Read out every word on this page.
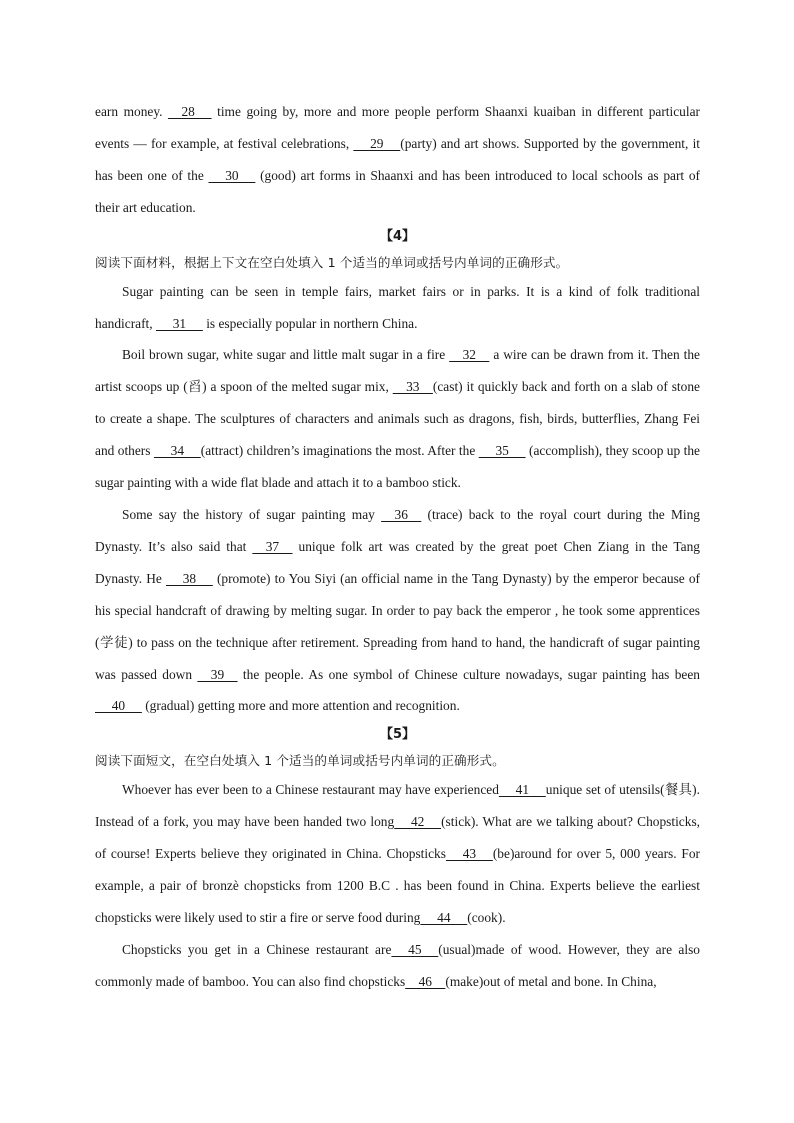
earn money.     28      time going by, more and more people perform Shaanxi kuaiban in different particular events — for example, at festival celebrations,      29     (party) and art shows. Supported by the government, it has been one of the      30      (good) art forms in Shaanxi and has been introduced to local schools as part of their art education.

【4】

阅读下面材料，根据上下文在空白处填入 1 个适当的单词或括号内单词的正确形式。

Sugar painting can be seen in temple fairs, market fairs or in parks. It is a kind of folk traditional handicraft,      31      is especially popular in northern China.

Boil brown sugar, white sugar and little malt sugar in a fire     32     a wire can be drawn from it. Then the artist scoops up (舀) a spoon of the melted sugar mix,     33    (cast) it quickly back and forth on a slab of stone to create a shape. The sculptures of characters and animals such as dragons, fish, birds, butterflies, Zhang Fei and others      34     (attract) children’s imaginations the most. After the      35      (accomplish), they scoop up the sugar painting with a wide flat blade and attach it to a bamboo stick.

Some say the history of sugar painting may     36     (trace) back to the royal court during the Ming Dynasty. It’s also said that     37     unique folk art was created by the great poet Chen Ziang in the Tang Dynasty. He      38      (promote) to You Siyi (an official name in the Tang Dynasty) by the emperor because of his special handcraft of drawing by melting sugar. In order to pay back the emperor , he took some apprentices (学徒) to pass on the technique after retirement. Spreading from hand to hand, the handicraft of sugar painting was passed down     39     the people. As one symbol of Chinese culture nowadays, sugar painting has been      40      (gradual) getting more and more attention and recognition.

【5】

阅读下面短文，在空白处填入 1 个适当的单词或括号内单词的正确形式。

Whoever has ever been to a Chinese restaurant may have experienced     41     unique set of utensils(餐具). Instead of a fork, you may have been handed two long     42     (stick). What are we talking about? Chopsticks, of course! Experts believe they originated in China. Chopsticks     43     (be)around for over 5, 000 years. For example, a pair of bronzè chopsticks from 1200 B.C . has been found in China. Experts believe the earliest chopsticks were likely used to stir a fire or serve food during     44     (cook).

Chopsticks you get in a Chinese restaurant are     45     (usual)made of wood. However, they are also commonly made of bamboo. You can also find chopsticks    46    (make)out of metal and bone. In China,
